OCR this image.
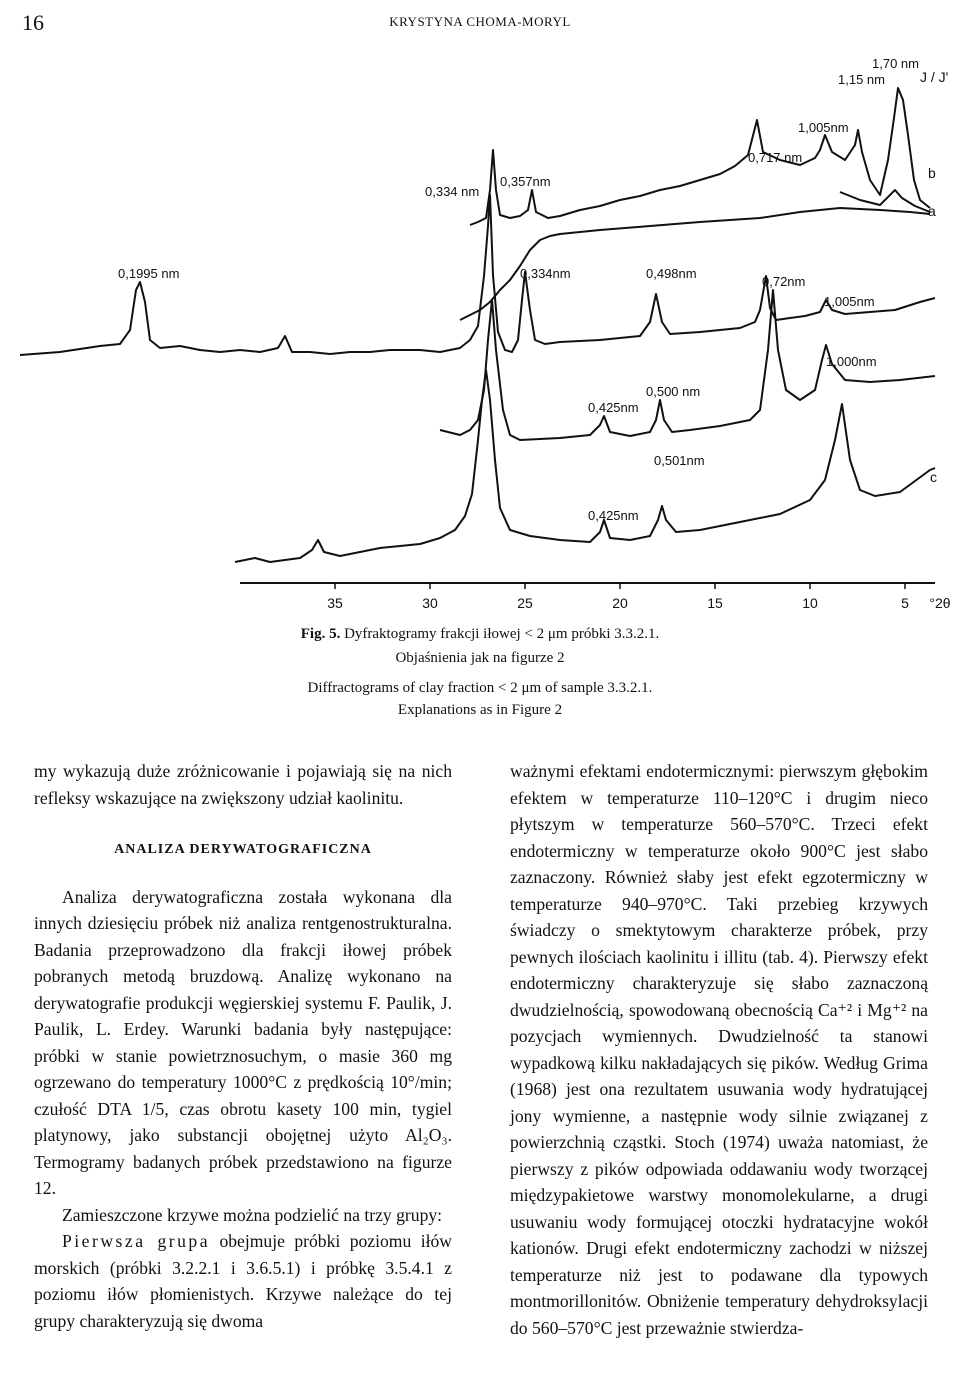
16	KRYSTYNA CHOMA-MORYL
35	30	25	20	15	10	5 °2θ
J / J'
b
a
c
1,70 nm
1,15 nm
1,005nm
0,717 nm
0,334 nm
0,357nm
0,1995 nm	0,334nm	0,498nm
0,72nm
1,005nm
1,000nm
0,500 nm
0,425nm
0,501nm
0,425nm
Fig. 5. Dyfraktogramy frakcji iłowej < 2 μm próbki 3.3.2.1.
Objaśnienia jak na figurze 2
Diffractograms of clay fraction < 2 μm of sample 3.3.2.1.
Explanations as in Figure 2

my wykazują duże zróżnicowanie i pojawiają się na nich refleksy wskazujące na zwiększony udział kaolinitu.

ANALIZA DERYWATOGRAFICZNA

Analiza derywatograficzna została wykonana dla innych dziesięciu próbek niż analiza rentgenostrukturalna. Badania przeprowadzono dla frakcji iłowej próbek pobranych metodą bruzdową. Analizę wykonano na derywatografie produkcji węgierskiej systemu F. Paulik, J. Paulik, L. Erdey. Warunki badania były następujące: próbki w stanie powietrznosuchym, o masie 360 mg ogrzewano do temperatury 1000°C z prędkością 10°/min; czułość DTA 1/5, czas obrotu kasety 100 min, tygiel platynowy, jako substancji obojętnej użyto Al₂O₃. Termogramy badanych próbek przedstawiono na figurze 12.

Zamieszczone krzywe można podzielić na trzy grupy:

Pierwsza grupa obejmuje próbki poziomu iłów morskich (próbki 3.2.2.1 i 3.6.5.1) i próbkę 3.5.4.1 z poziomu iłów płomienistych. Krzywe należące do tej grupy charakteryzują się dwoma

ważnymi efektami endotermicznymi: pierwszym głębokim efektem w temperaturze 110–120°C i drugim nieco płytszym w temperaturze 560–570°C. Trzeci efekt endotermiczny w temperaturze około 900°C jest słabo zaznaczony. Również słaby jest efekt egzotermiczny w temperaturze 940–970°C. Taki przebieg krzywych świadczy o smektytowym charakterze próbek, przy pewnych ilościach kaolinitu i illitu (tab. 4). Pierwszy efekt endotermiczny charakteryzuje się słabo zaznaczoną dwudzielnością, spowodowaną obecnością Ca⁺² i Mg⁺² na pozycjach wymiennych. Dwudzielność ta stanowi wypadkową kilku nakładających się pików. Według Grima (1968) jest ona rezultatem usuwania wody hydratującej jony wymienne, a następnie wody silnie związanej z powierzchnią cząstki. Stoch (1974) uważa natomiast, że pierwszy z pików odpowiada oddawaniu wody tworzącej międzypakietowe warstwy monomolekularne, a drugi usuwaniu wody formującej otoczki hydratacyjne wokół kationów. Drugi efekt endotermiczny zachodzi w niższej temperaturze niż jest to podawane dla typowych montmorillonitów. Obniżenie temperatury dehydroksylacji do 560–570°C jest przeważnie stwierdza-
